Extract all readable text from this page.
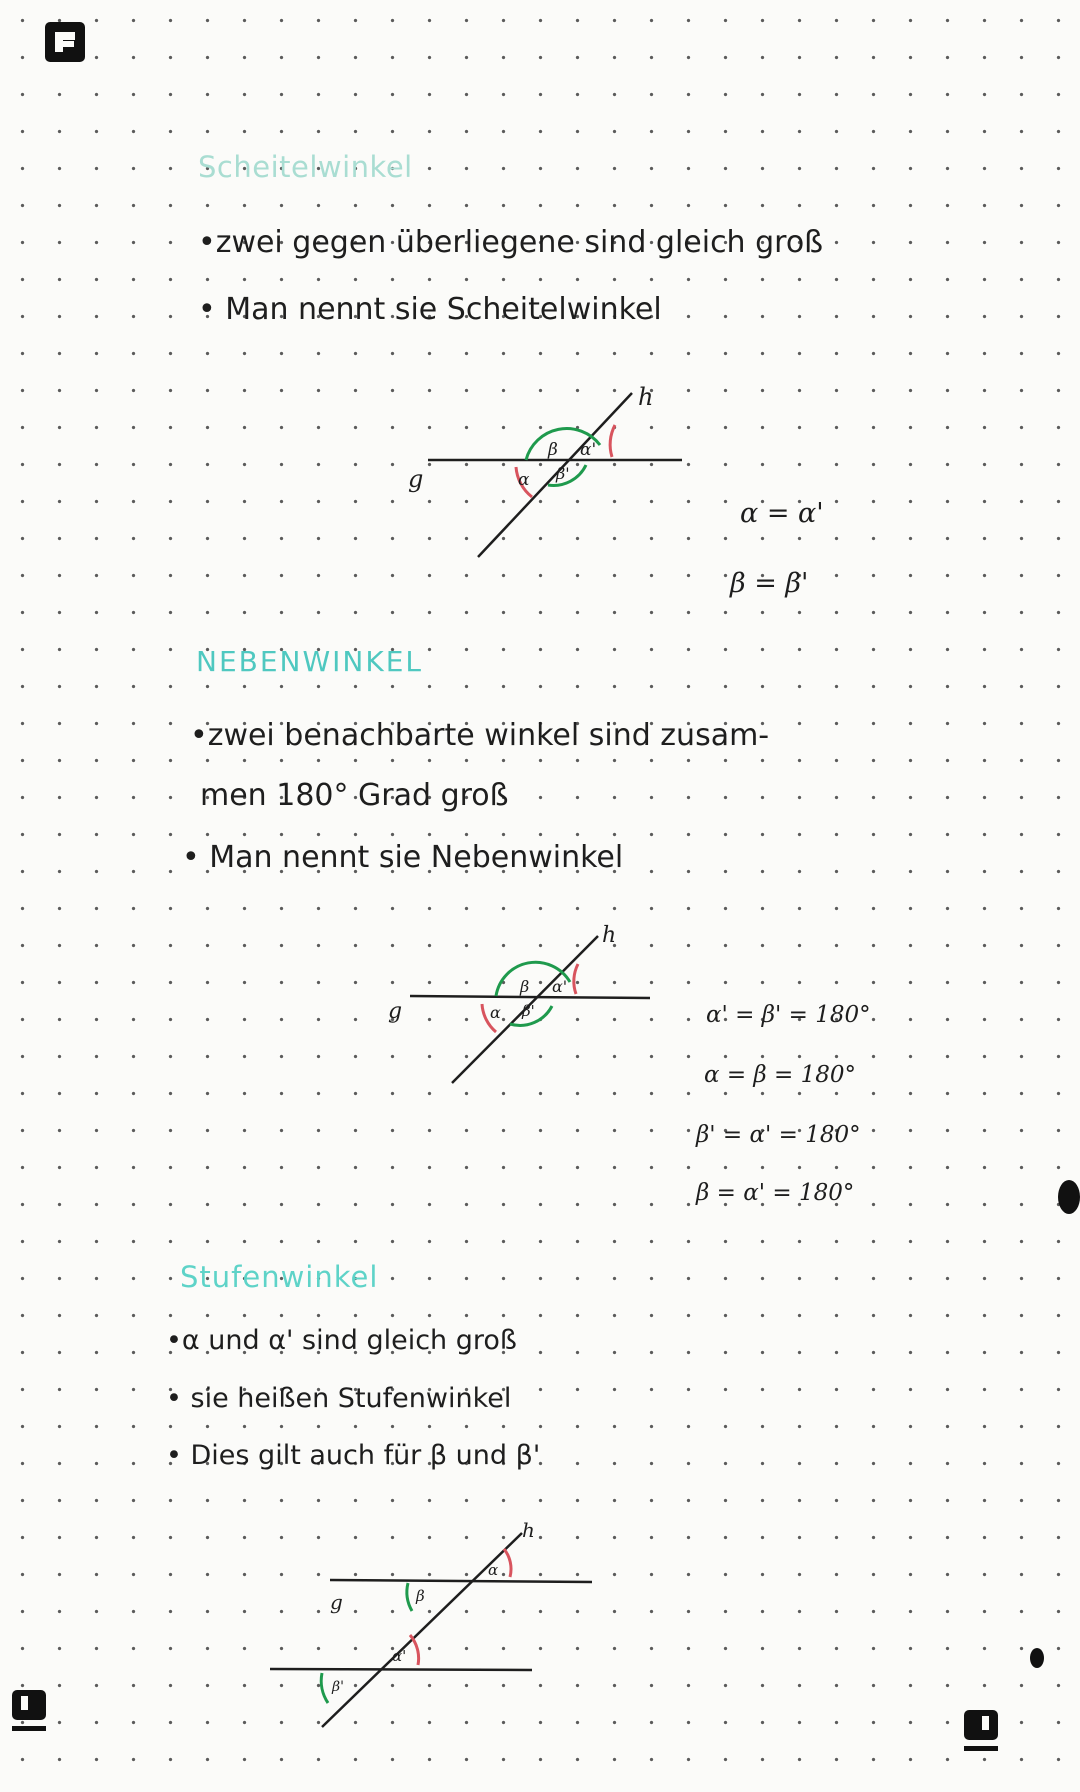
Scheitelwinkel
•zwei gegen überliegene sind gleich groß
• Man nennt sie Scheitelwinkel
g
h
β α'
α β'
α = α'
β = β'
NEBENWINKEL
•zwei benachbarte winkel sind zusam-
men 180° Grad groß
• Man nennt sie Nebenwinkel
g
h
β α'
α β'	α' = β' = 180°
α = β = 180°
β' = α' = 180°
β = α' = 180°
Stufenwinkel
•α und α' sind gleich groß
• sie heißen Stufenwinkel
• Dies gilt auch für β und β'
g
h
α
β
α'
β'
